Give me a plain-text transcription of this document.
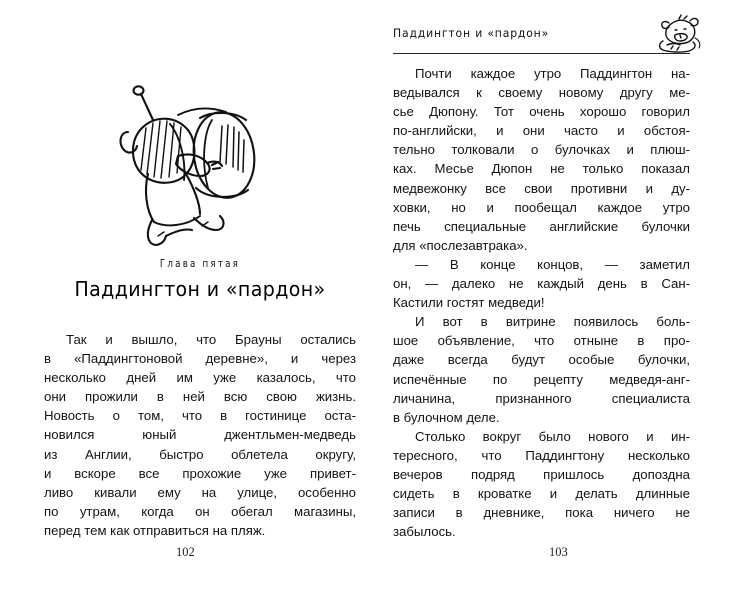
Глава пятая
Паддингтон и «пардон»

Так и вышло, что Брауны остались
в «Паддингтоновой деревне», и через
несколько дней им уже казалось, что
они прожили в ней всю свою жизнь.
Новость о том, что в гостинице оста-
новился юный джентльмен-медведь
из Англии, быстро облетела округу,
и вскоре все прохожие уже привет-
ливо кивали ему на улице, особенно
по утрам, когда он обегал магазины,
перед тем как отправиться на пляж.

102
Паддингтон и «пардон»

Почти каждое утро Паддингтон на-
ведывался к своему новому другу ме-
сье Дюпону. Тот очень хорошо говорил
по-английски, и они часто и обстоя-
тельно толковали о булочках и плюш-
ках. Месье Дюпон не только показал
медвежонку все свои противни и ду-
ховки, но и пообещал каждое утро
печь специальные английские булочки
для «послезавтрака».

— В конце концов, — заметил
он, — далеко не каждый день в Сан-
Кастили гостят медведи!

И вот в витрине появилось боль-
шое объявление, что отныне в про-
даже всегда будут особые булочки,
испечённые по рецепту медведя-анг-
личанина, признанного специалиста
в булочном деле.

Столько вокруг было нового и ин-
тересного, что Паддингтону несколько
вечеров подряд пришлось допоздна
сидеть в кроватке и делать длинные
записи в дневнике, пока ничего не
забылось.

103
